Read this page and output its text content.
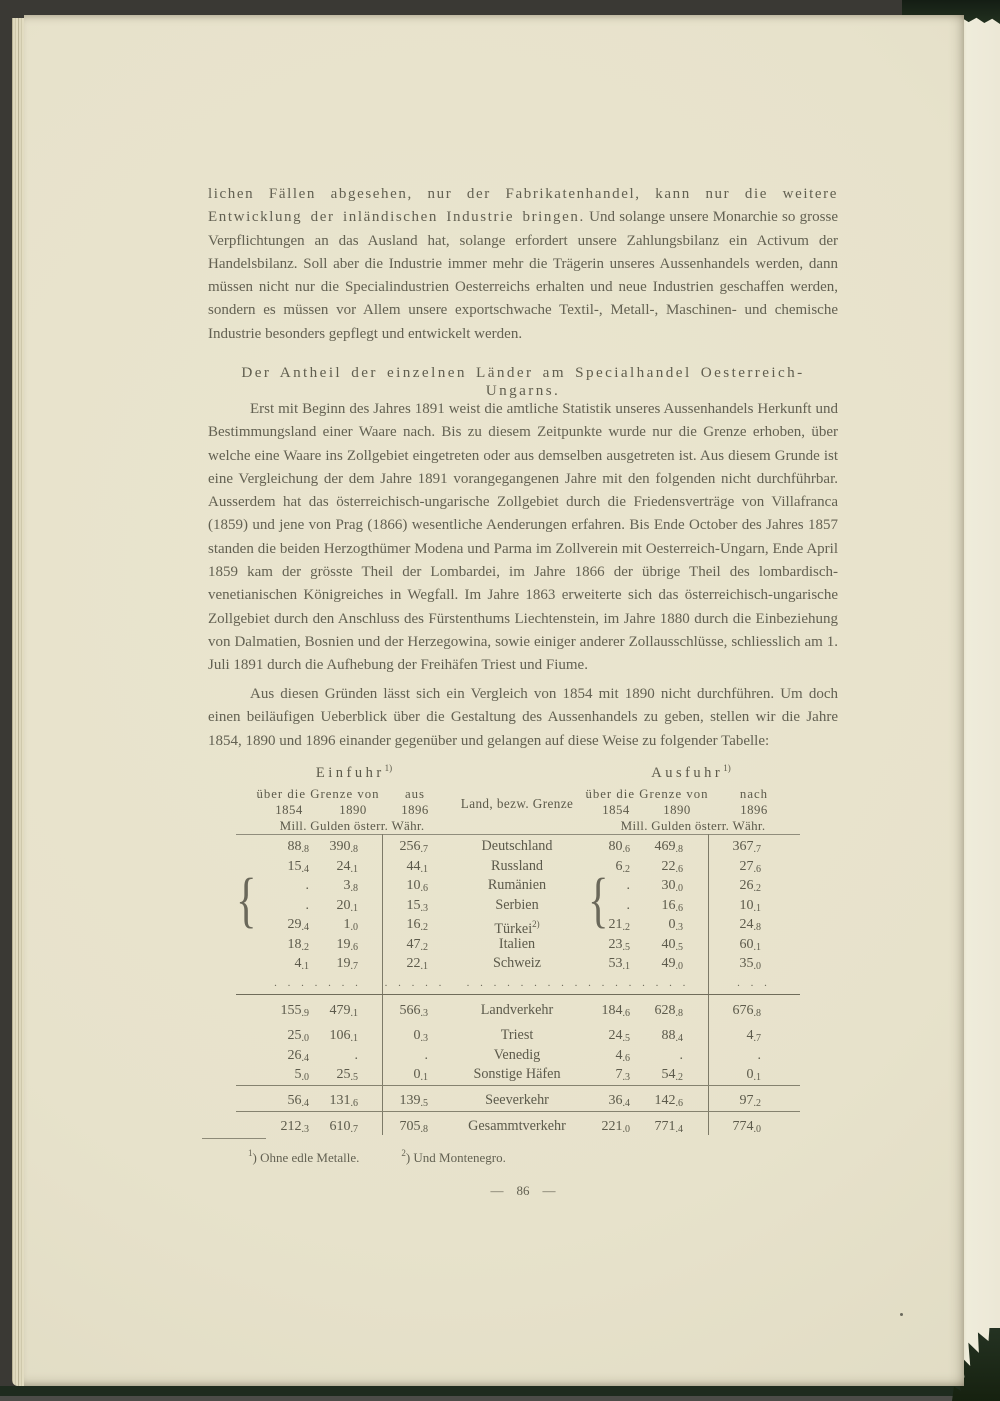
lichen Fällen abgesehen, nur der Fabrikatenhandel, kann nur die weitere Entwicklung der inländischen Industrie bringen. Und solange unsere Monarchie so grosse Verpflichtungen an das Ausland hat, solange erfordert unsere Zahlungsbilanz ein Activum der Handelsbilanz. Soll aber die Industrie immer mehr die Trägerin unseres Aussenhandels werden, dann müssen nicht nur die Specialindustrien Oesterreichs erhalten und neue Industrien geschaffen werden, sondern es müssen vor Allem unsere exportschwache Textil-, Metall-, Maschinen- und chemische Industrie besonders gepflegt und entwickelt werden.

Der Antheil der einzelnen Länder am Specialhandel Oesterreich-Ungarns.

Erst mit Beginn des Jahres 1891 weist die amtliche Statistik unseres Aussenhandels Herkunft und Bestimmungsland einer Waare nach. Bis zu diesem Zeitpunkte wurde nur die Grenze erhoben, über welche eine Waare ins Zollgebiet eingetreten oder aus demselben ausgetreten ist. Aus diesem Grunde ist eine Vergleichung der dem Jahre 1891 vorangegangenen Jahre mit den folgenden nicht durchführbar. Ausserdem hat das österreichisch-ungarische Zollgebiet durch die Friedensverträge von Villafranca (1859) und jene von Prag (1866) wesentliche Aenderungen erfahren. Bis Ende October des Jahres 1857 standen die beiden Herzogthümer Modena und Parma im Zollverein mit Oesterreich-Ungarn, Ende April 1859 kam der grösste Theil der Lombardei, im Jahre 1866 der übrige Theil des lombardisch-venetianischen Königreiches in Wegfall. Im Jahre 1863 erweiterte sich das österreichisch-ungarische Zollgebiet durch den Anschluss des Fürstenthums Liechtenstein, im Jahre 1880 durch die Einbeziehung von Dalmatien, Bosnien und der Herzegowina, sowie einiger anderer Zollausschlüsse, schliesslich am 1. Juli 1891 durch die Aufhebung der Freihäfen Triest und Fiume.

Aus diesen Gründen lässt sich ein Vergleich von 1854 mit 1890 nicht durchführen. Um doch einen beiläufigen Ueberblick über die Gestaltung des Aussenhandels zu geben, stellen wir die Jahre 1854, 1890 und 1896 einander gegenüber und gelangen auf diese Weise zu folgender Tabelle:

Einfuhr$^{1)}$	Ausfuhr$^{1)}$
über die Grenze von aus	über die Grenze von nach
1854	1890	1896	1854	1890	1896
Mill. Gulden österr. Währ.	Mill. Gulden österr. Währ.
Land, bezw. Grenze
{	{
88.8	390.8	256.7	Deutschland	80.6	469.8	367.7
15.4	24.1	44.1	Russland	6.2	22.6	27.6
.	3.8	10.6	Rumänien	.	30.0	26.2
.	20.1	15.3	Serbien	.	16.6	10.1
29.4	1.0	16.2	Türkei$^{2)}$	21.2	0.3	24.8
18.2	19.6	47.2	Italien	23.5	40.5	60.1
4.1	19.7	22.1	Schweiz	53.1	49.0	35.0
. . . . . . .	. . . . .	. . . . . . . . . . . . . . . . .	. . .
155.9	479.1	566.3	Landverkehr	184.6	628.8	676.8
25.0	106.1	0.3	Triest	24.5	88.4	4.7
26.4	.	.	Venedig	4.6	.	.
5.0	25.5	0.1	Sonstige Häfen	7.3	54.2	0.1
56.4	131.6	139.5	Seeverkehr	36.4	142.6	97.2
212.3	610.7	705.8	Gesammtverkehr	221.0	771.4	774.0
$^1$) Ohne edle Metalle.	$^2$) Und Montenegro.
— 86 —
